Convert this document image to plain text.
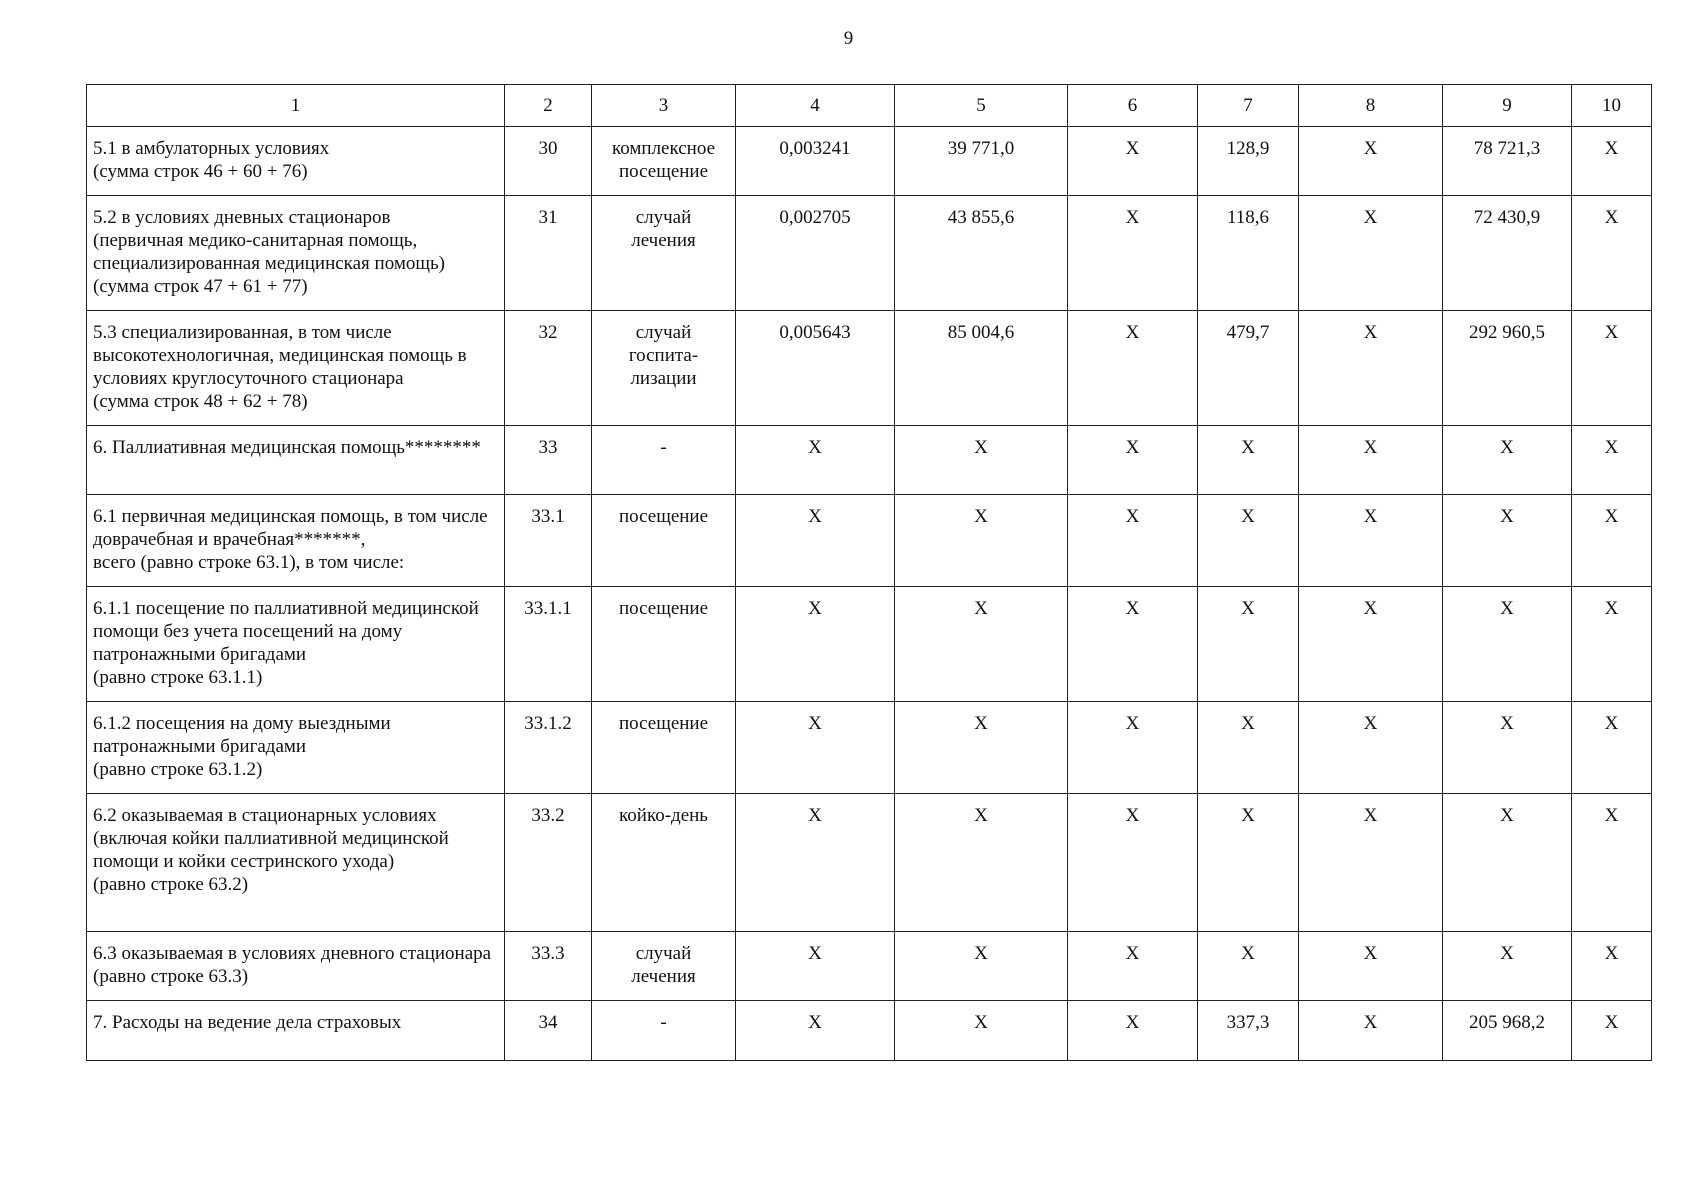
9
1	2	3	4	5	6	7	8	9	10
5.1 в амбулаторных условиях
(сумма строк 46 + 60 + 76)	30	комплексное
посещение	0,003241	39 771,0	Х	128,9	Х	78 721,3	Х
5.2 в условиях дневных стационаров
(первичная медико-санитарная помощь, специализированная медицинская помощь)
(сумма строк 47 + 61 + 77)	31	случай
лечения	0,002705	43 855,6	Х	118,6	Х	72 430,9	Х
5.3 специализированная, в том числе высокотехнологичная, медицинская помощь в условиях круглосуточного стационара
(сумма строк 48 + 62 + 78)	32	случай
госпита-
лизации	0,005643	85 004,6	Х	479,7	Х	292 960,5	Х
6. Паллиативная медицинская помощь********	33	-	Х	Х	Х	Х	Х	Х	Х
6.1 первичная медицинская помощь, в том числе доврачебная и врачебная*******,
всего (равно строке 63.1), в том числе:	33.1	посещение	Х	Х	Х	Х	Х	Х	Х
6.1.1 посещение по паллиативной медицинской помощи без учета посещений на дому патронажными бригадами
(равно строке 63.1.1)	33.1.1	посещение	Х	Х	Х	Х	Х	Х	Х
6.1.2 посещения на дому выездными патронажными бригадами
(равно строке 63.1.2)	33.1.2	посещение	Х	Х	Х	Х	Х	Х	Х
6.2 оказываемая в стационарных условиях (включая койки паллиативной медицинской помощи и койки сестринского ухода)
(равно строке 63.2)	33.2	койко-день	Х	Х	Х	Х	Х	Х	Х
6.3 оказываемая в условиях дневного стационара (равно строке 63.3)	33.3	случай
лечения	Х	Х	Х	Х	Х	Х	Х
7. Расходы на ведение дела страховых	34	-	Х	Х	Х	337,3	Х	205 968,2	Х
